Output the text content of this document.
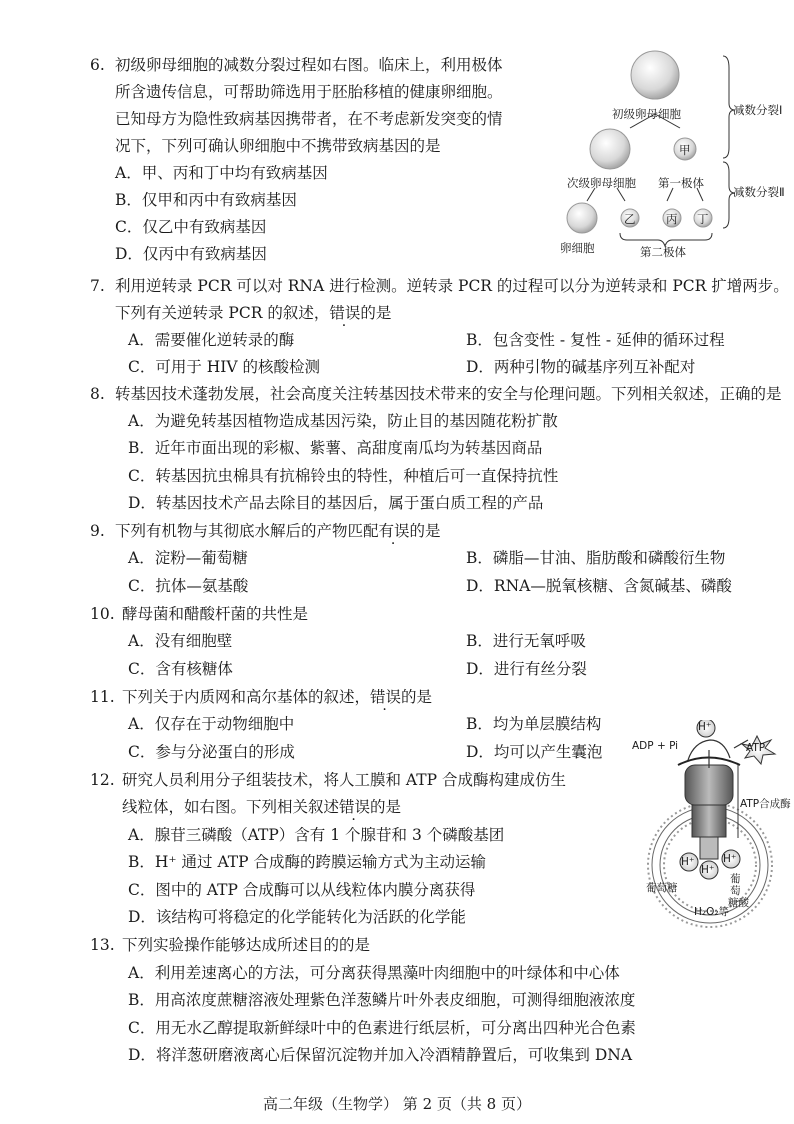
6. 初级卵母细胞的减数分裂过程如右图。临床上，利用极体
所含遗传信息，可帮助筛选用于胚胎移植的健康卵细胞。
已知母方为隐性致病基因携带者，在不考虑新发突变的情
况下，下列可确认卵细胞中不携带致病基因的是
A．甲、丙和丁中均有致病基因
B．仅甲和丙中有致病基因
C．仅乙中有致病基因
D．仅丙中有致病基因
初级卵母细胞	减数分裂Ⅰ
甲
减数分裂Ⅱ
次级卵母细胞 第一极体
乙	丙 丁
卵细胞	第二极体
7. 利用逆转录 PCR 可以对 RNA 进行检测。逆转录 PCR 的过程可以分为逆转录和 PCR 扩增两步。
下列有关逆转录 PCR 的叙述，错误的是
A．需要催化逆转录的酶	B．包含变性 - 复性 - 延伸的循环过程
C．可用于 HIV 的核酸检测	D．两种引物的碱基序列互补配对
8. 转基因技术蓬勃发展，社会高度关注转基因技术带来的安全与伦理问题。下列相关叙述，正确的是
A．为避免转基因植物造成基因污染，防止目的基因随花粉扩散
B．近年市面出现的彩椒、紫薯、高甜度南瓜均为转基因商品
C．转基因抗虫棉具有抗棉铃虫的特性，种植后可一直保持抗性
D．转基因技术产品去除目的基因后，属于蛋白质工程的产品
9. 下列有机物与其彻底水解后的产物匹配有误的是
A．淀粉—葡萄糖	B．磷脂—甘油、脂肪酸和磷酸衍生物
C．抗体—氨基酸	D．RNA—脱氧核糖、含氮碱基、磷酸
10. 酵母菌和醋酸杆菌的共性是
A．没有细胞壁	B．进行无氧呼吸
C．含有核糖体	D．进行有丝分裂
11. 下列关于内质网和高尔基体的叙述，错误的是
A．仅存在于动物细胞中	B．均为单层膜结构
C．参与分泌蛋白的形成	D．均可以产生囊泡
12. 研究人员利用分子组装技术，将人工膜和 ATP 合成酶构建成仿生
线粒体，如右图。下列相关叙述错误的是
A．腺苷三磷酸（ATP）含有 1 个腺苷和 3 个磷酸基团
B．H⁺ 通过 ATP 合成酶的跨膜运输方式为主动运输
C．图中的 ATP 合成酶可以从线粒体内膜分离获得
D．该结构可将稳定的化学能转化为活跃的化学能
ADP + Pi
H⁺
ATP
ATP合成酶
H⁺
H⁺
H⁺
葡萄糖
葡
萄
糖酸
H₂O₂等
13. 下列实验操作能够达成所述目的的是
A．利用差速离心的方法，可分离获得黑藻叶肉细胞中的叶绿体和中心体
B．用高浓度蔗糖溶液处理紫色洋葱鳞片叶外表皮细胞，可测得细胞液浓度
C．用无水乙醇提取新鲜绿叶中的色素进行纸层析，可分离出四种光合色素
D．将洋葱研磨液离心后保留沉淀物并加入冷酒精静置后，可收集到 DNA
高二年级（生物学） 第 2 页（共 8 页）
